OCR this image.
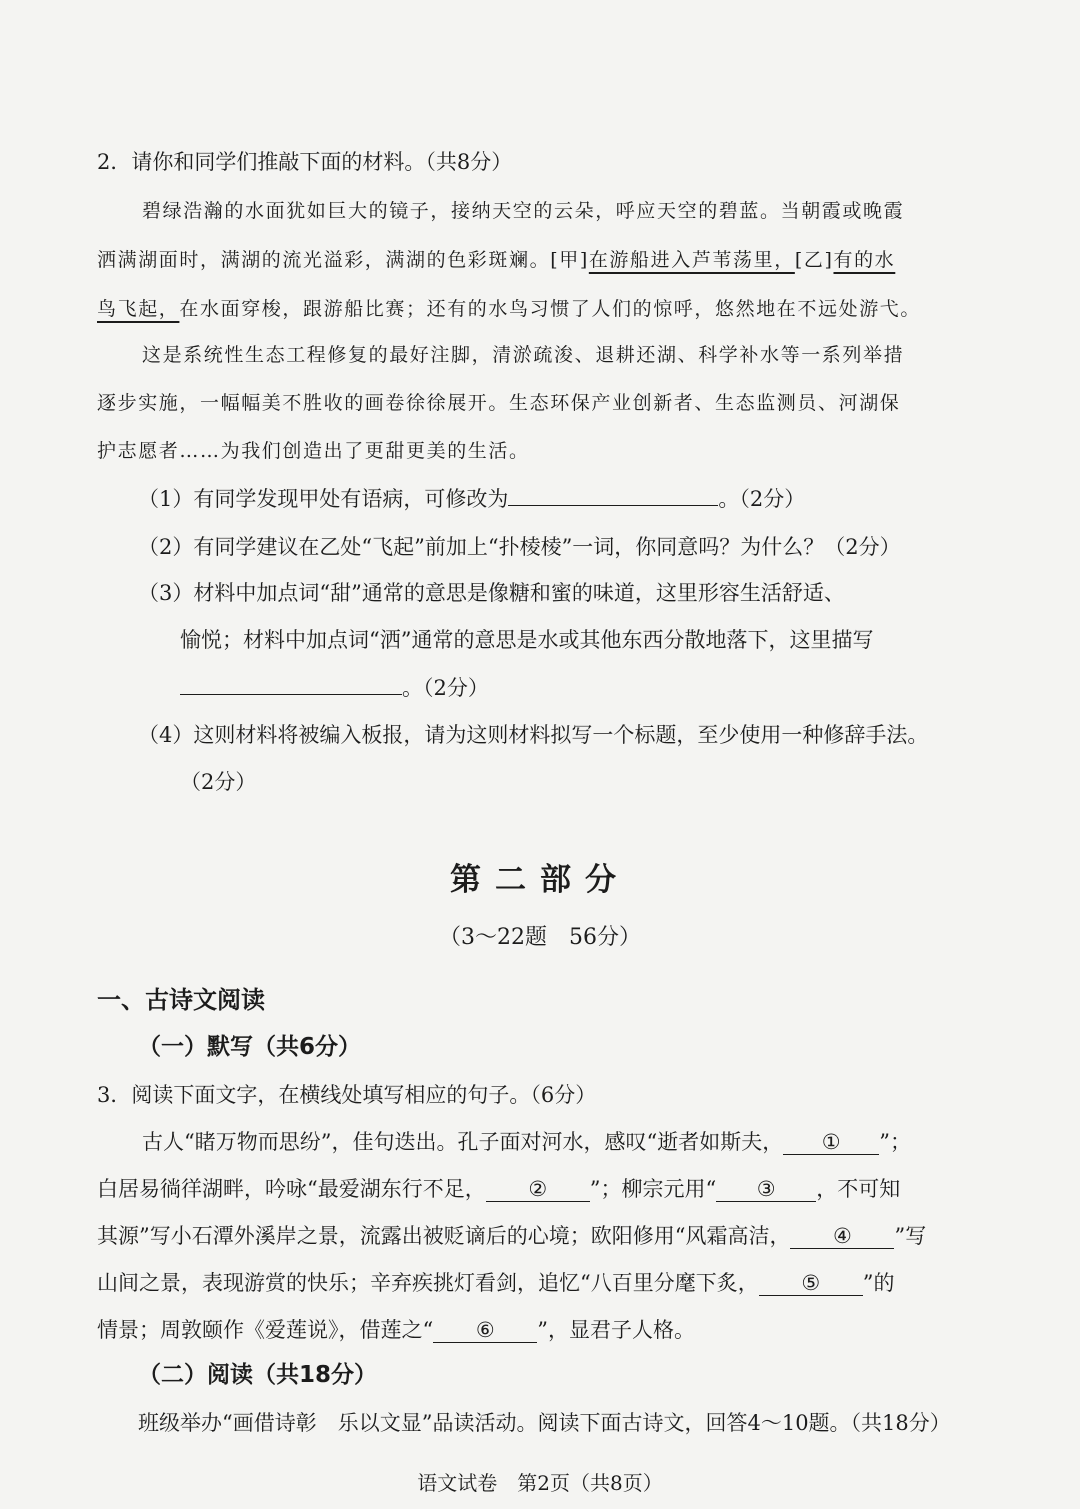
2．请你和同学们推敲下面的材料。（共8分）
碧绿浩瀚的水面犹如巨大的镜子，接纳天空的云朵，呼应天空的碧蓝。当朝霞或晚霞
洒满湖面时，满湖的流光溢彩，满湖的色彩斑斓。[甲]在游船进入芦苇荡里，[乙]有的水
鸟飞起，在水面穿梭，跟游船比赛；还有的水鸟习惯了人们的惊呼，悠然地在不远处游弋。
这是系统性生态工程修复的最好注脚，清淤疏浚、退耕还湖、科学补水等一系列举措
逐步实施，一幅幅美不胜收的画卷徐徐展开。生态环保产业创新者、生态监测员、河湖保
护志愿者……为我们创造出了更甜更美的生活。
（1）有同学发现甲处有语病，可修改为	。（2分）
（2）有同学建议在乙处“飞起”前加上“扑棱棱”一词，你同意吗？为什么？（2分）
（3）材料中加点词“甜”通常的意思是像糖和蜜的味道，这里形容生活舒适、
愉悦；材料中加点词“洒”通常的意思是水或其他东西分散地落下，这里描写
。（2分）
（4）这则材料将被编入板报，请为这则材料拟写一个标题，至少使用一种修辞手法。
（2分）
第二部分
（3～22题　56分）
一、古诗文阅读
（一）默写（共6分）
3．阅读下面文字，在横线处填写相应的句子。（6分）
古人“睹万物而思纷”，佳句迭出。孔子面对河水，感叹“逝者如斯夫， ① ”；
白居易徜徉湖畔，吟咏“最爱湖东行不足， ② ”；柳宗元用“ ③ ，不可知
其源”写小石潭外溪岸之景，流露出被贬谪后的心境；欧阳修用“风霜高洁， ④ ”写
山间之景，表现游赏的快乐；辛弃疾挑灯看剑，追忆“八百里分麾下炙， ⑤ ”的
情景；周敦颐作《爱莲说》，借莲之“ ⑥ ”，显君子人格。
（二）阅读（共18分）
班级举办“画借诗彰　乐以文显”品读活动。阅读下面古诗文，回答4～10题。（共18分）
语文试卷　第2页（共8页）
